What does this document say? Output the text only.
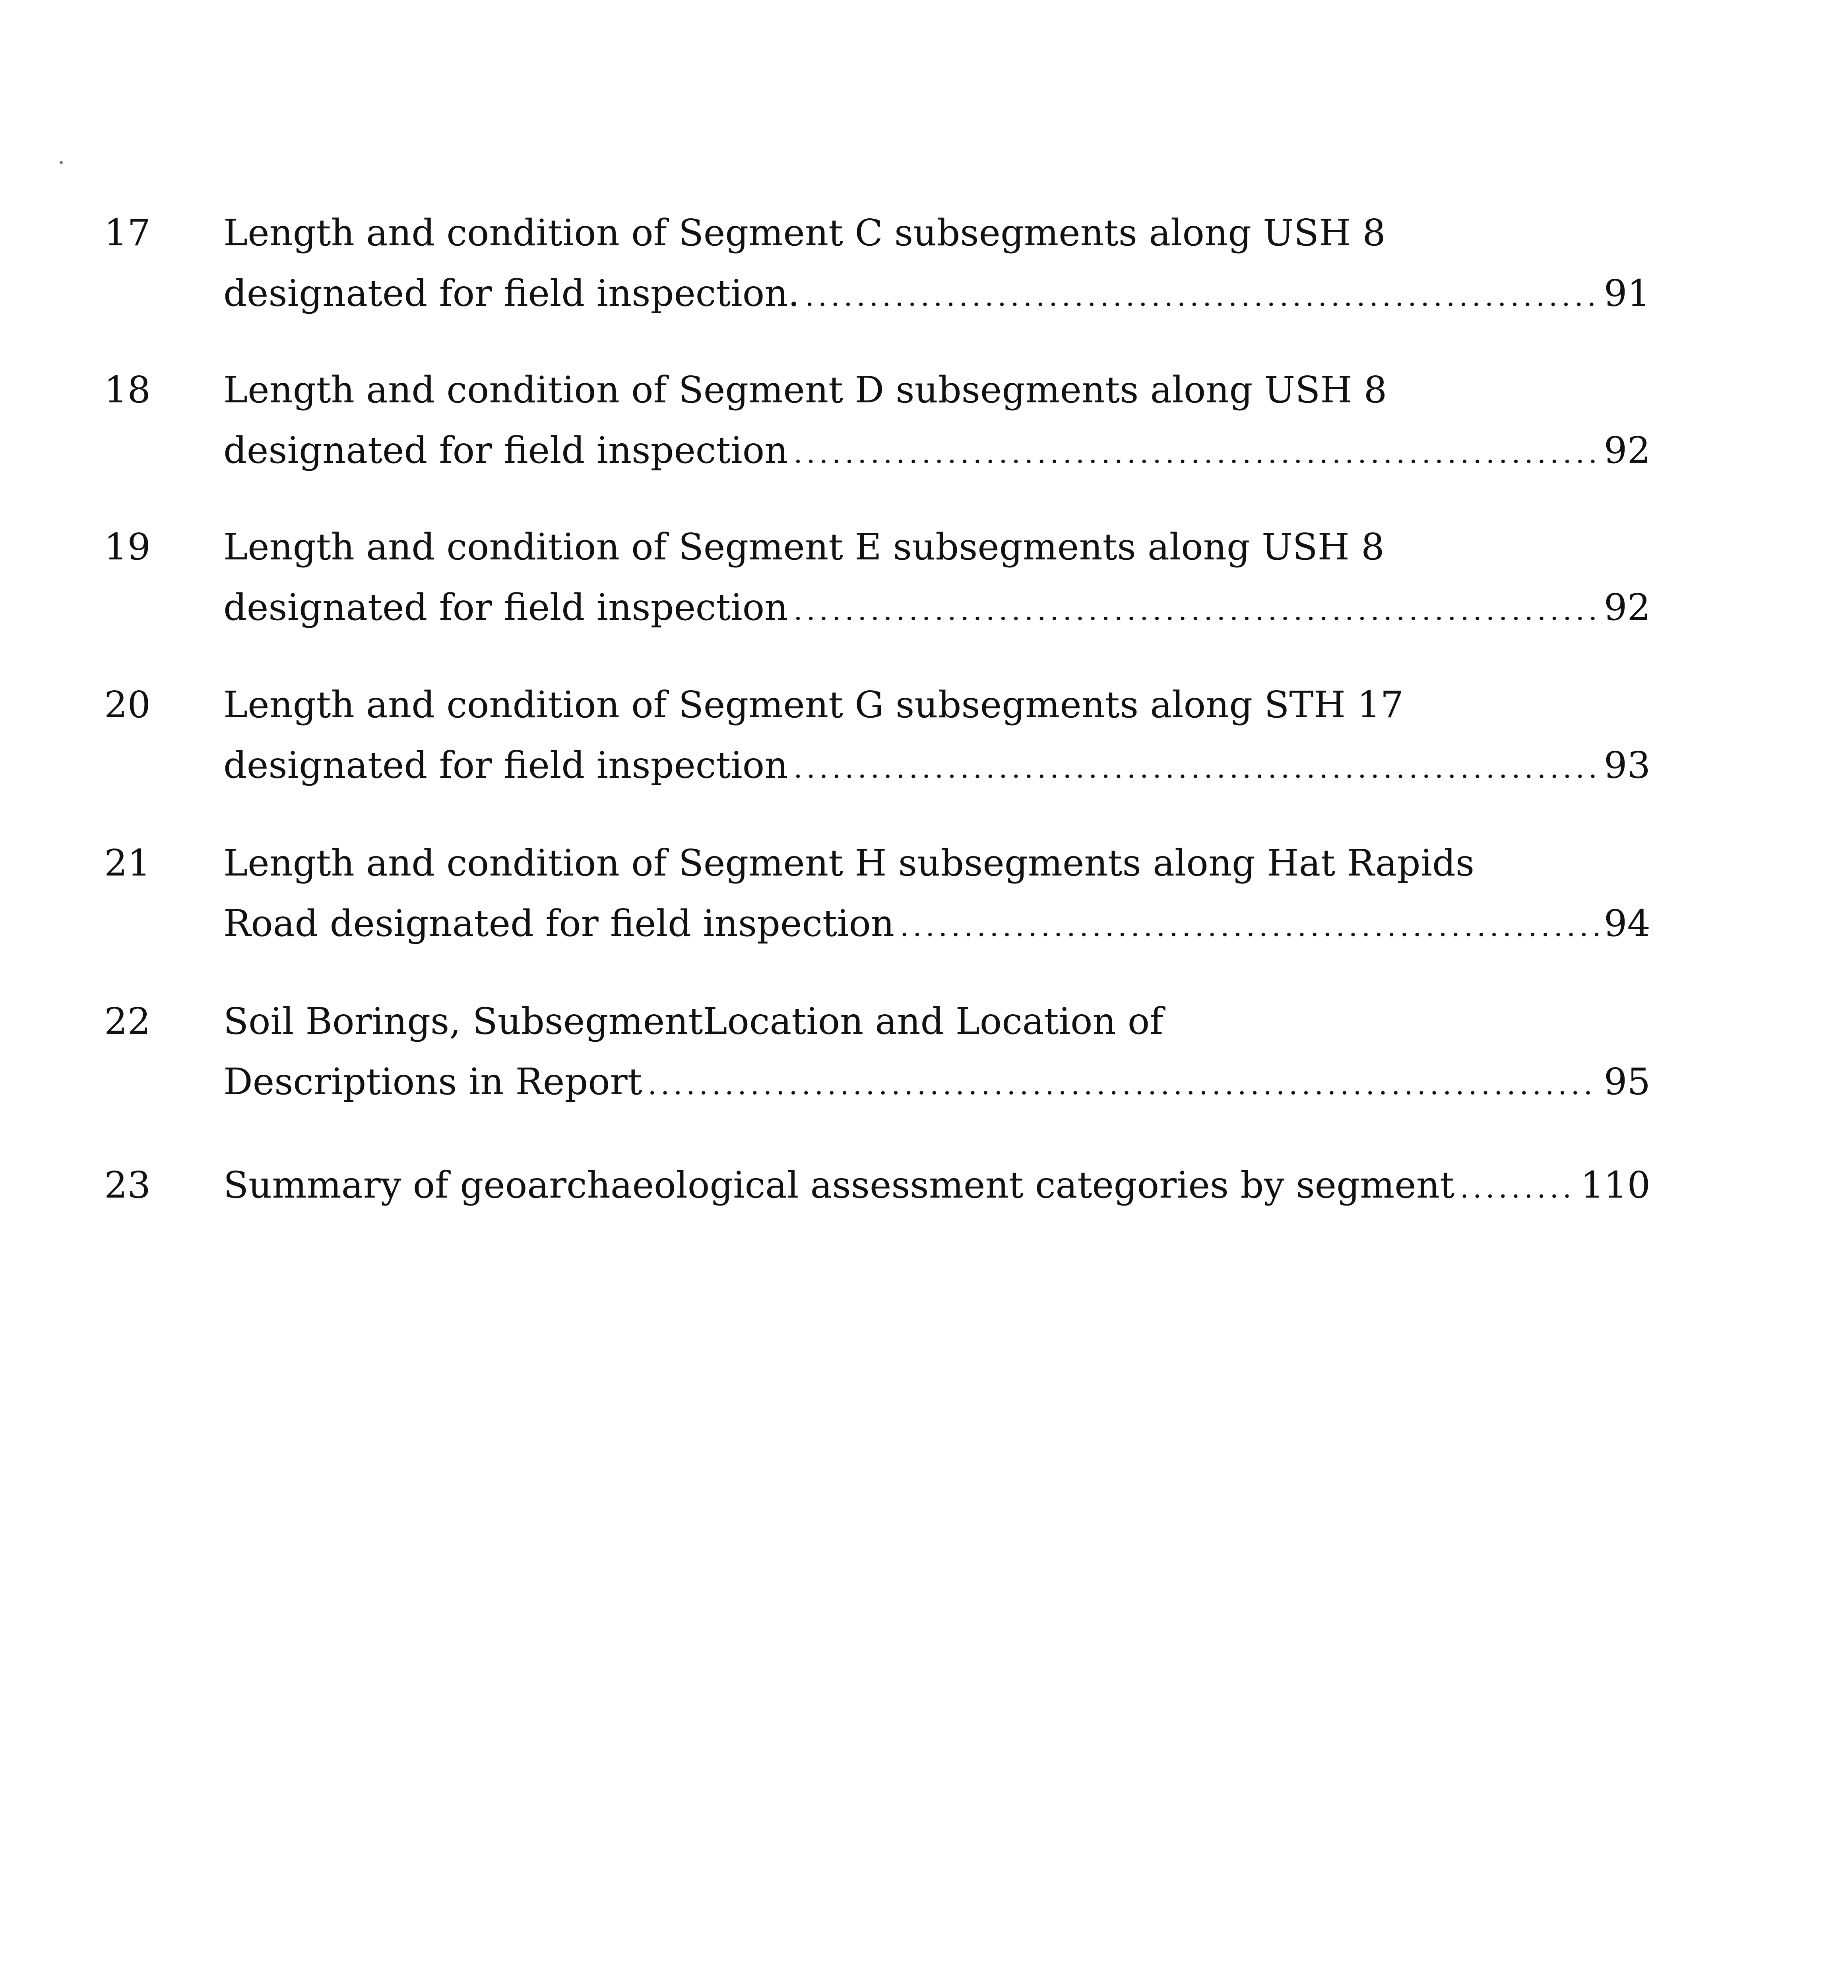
17 Length and condition of Segment C subsegments along USH 8
designated for field inspection. .....	91
18 Length and condition of Segment D subsegments along USH 8
designated for field inspection .....	92
19 Length and condition of Segment E subsegments along USH 8
designated for field inspection .....	92
20 Length and condition of Segment G subsegments along STH 17
designated for field inspection .....	93
21 Length and condition of Segment H subsegments along Hat Rapids
Road designated for field inspection .....	94
22 Soil Borings, SubsegmentLocation and Location of
Descriptions in Report .....	95
23 Summary of geoarchaeological assessment categories by segment .....	110
